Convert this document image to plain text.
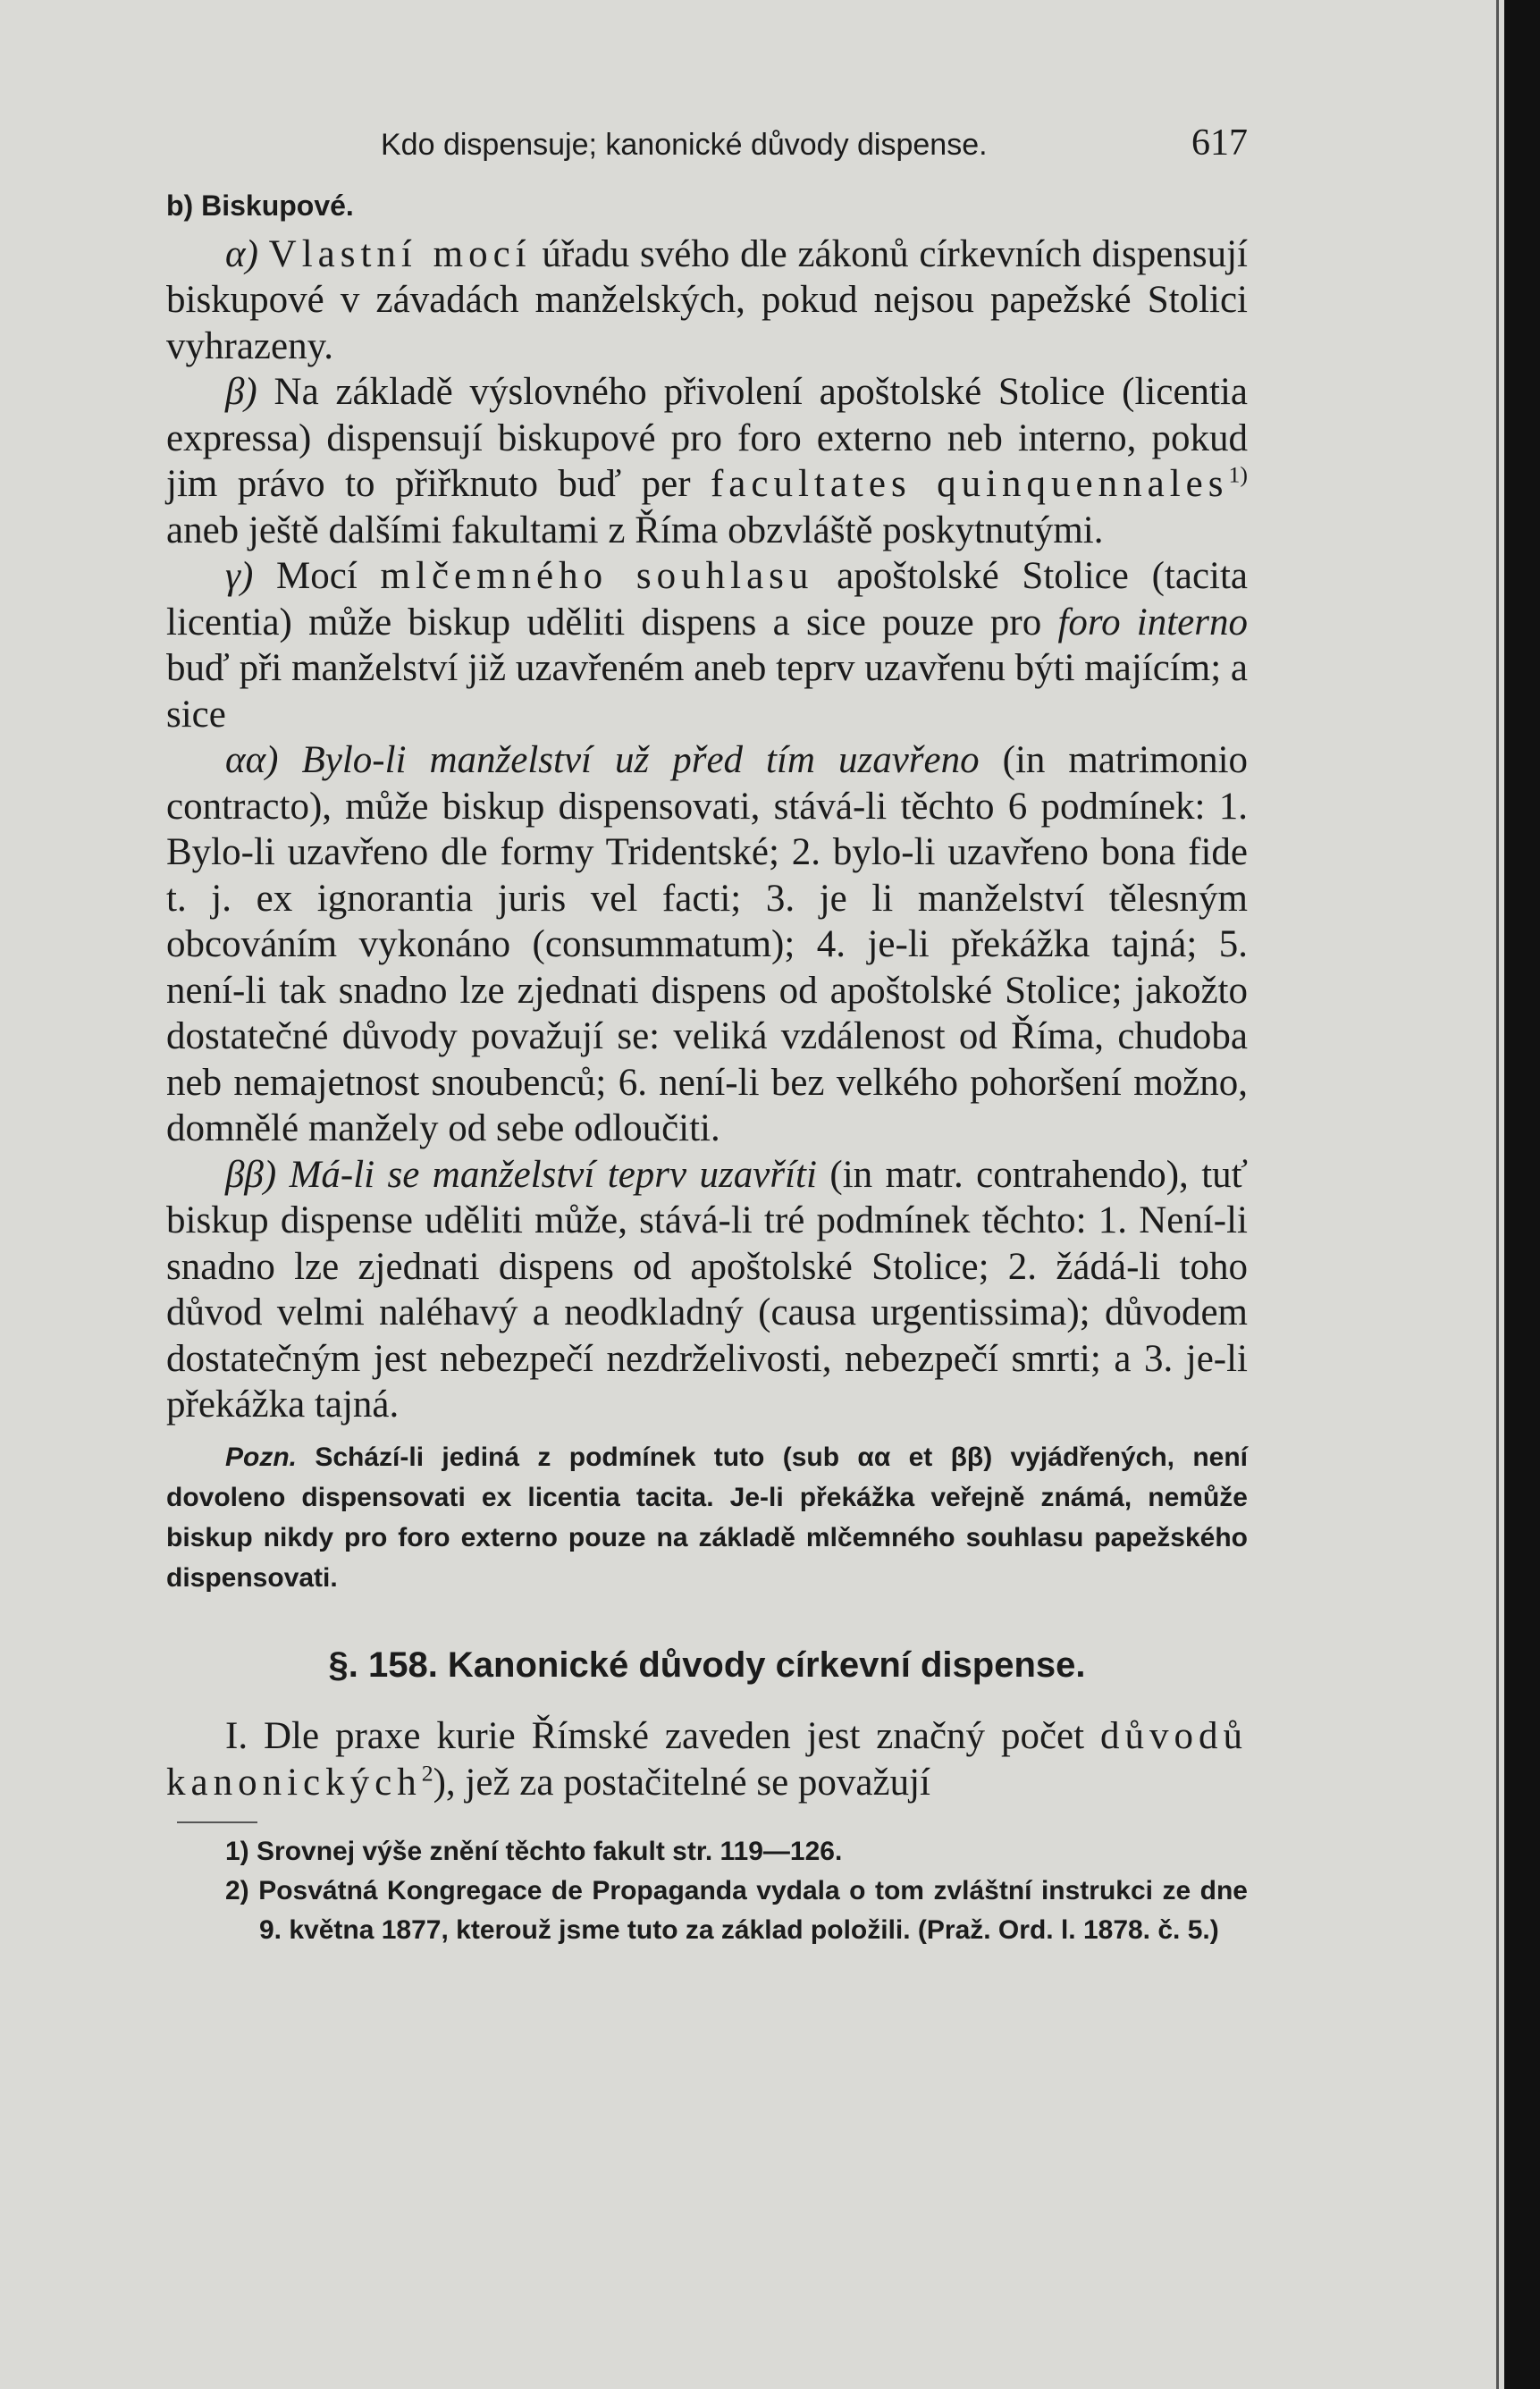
Kdo dispensuje; kanonické důvody dispense.	617

b) Biskupové.

α) Vlastní mocí úřadu svého dle zákonů církevních dispensují biskupové v závadách manželských, pokud nejsou papežské Stolici vyhrazeny.

β) Na základě výslovného přivolení apoštolské Stolice (licentia expressa) dispensují biskupové pro foro externo neb interno, pokud jim právo to přiřknuto buď per facultates quinquennales$^{1)}$ aneb ještě dalšími fakultami z Říma obzvláště poskytnutými.

γ) Mocí mlčemného souhlasu apoštolské Stolice (tacita licentia) může biskup uděliti dispens a sice pouze pro foro interno buď při manželství již uzavřeném aneb teprv uzavřenu býti majícím; a sice

αα) Bylo-li manželství už před tím uzavřeno (in matrimonio contracto), může biskup dispensovati, stává-li těchto 6 podmínek: 1. Bylo-li uzavřeno dle formy Tridentské; 2. bylo-li uzavřeno bona fide t. j. ex ignorantia juris vel facti; 3. je li manželství tělesným obcováním vykonáno (consummatum); 4. je-li překážka tajná; 5. není-li tak snadno lze zjednati dispens od apoštolské Stolice; jakožto dostatečné důvody považují se: veliká vzdálenost od Říma, chudoba neb nemajetnost snoubenců; 6. není-li bez velkého pohoršení možno, domnělé manžely od sebe odloučiti.

ββ) Má-li se manželství teprv uzavříti (in matr. contrahendo), tuť biskup dispense uděliti může, stává-li tré podmínek těchto: 1. Není-li snadno lze zjednati dispens od apoštolské Stolice; 2. žádá-li toho důvod velmi naléhavý a neodkladný (causa urgentissima); důvodem dostatečným jest nebezpečí nezdrželivosti, nebezpečí smrti; a 3. je-li překážka tajná.

Pozn. Schází-li jediná z podmínek tuto (sub αα et ββ) vyjádřených, není dovoleno dispensovati ex licentia tacita. Je-li překážka veřejně známá, nemůže biskup nikdy pro foro externo pouze na základě mlčemného souhlasu papežského dispensovati.

§. 158. Kanonické důvody církevní dispense.

I. Dle praxe kurie Římské zaveden jest značný počet důvodů kanonických$^2$), jež za postačitelné se považují

1) Srovnej výše znění těchto fakult str. 119—126.

2) Posvátná Kongregace de Propaganda vydala o tom zvláštní instrukci ze dne 9. května 1877, kterouž jsme tuto za základ položili. (Praž. Ord. l. 1878. č. 5.)
